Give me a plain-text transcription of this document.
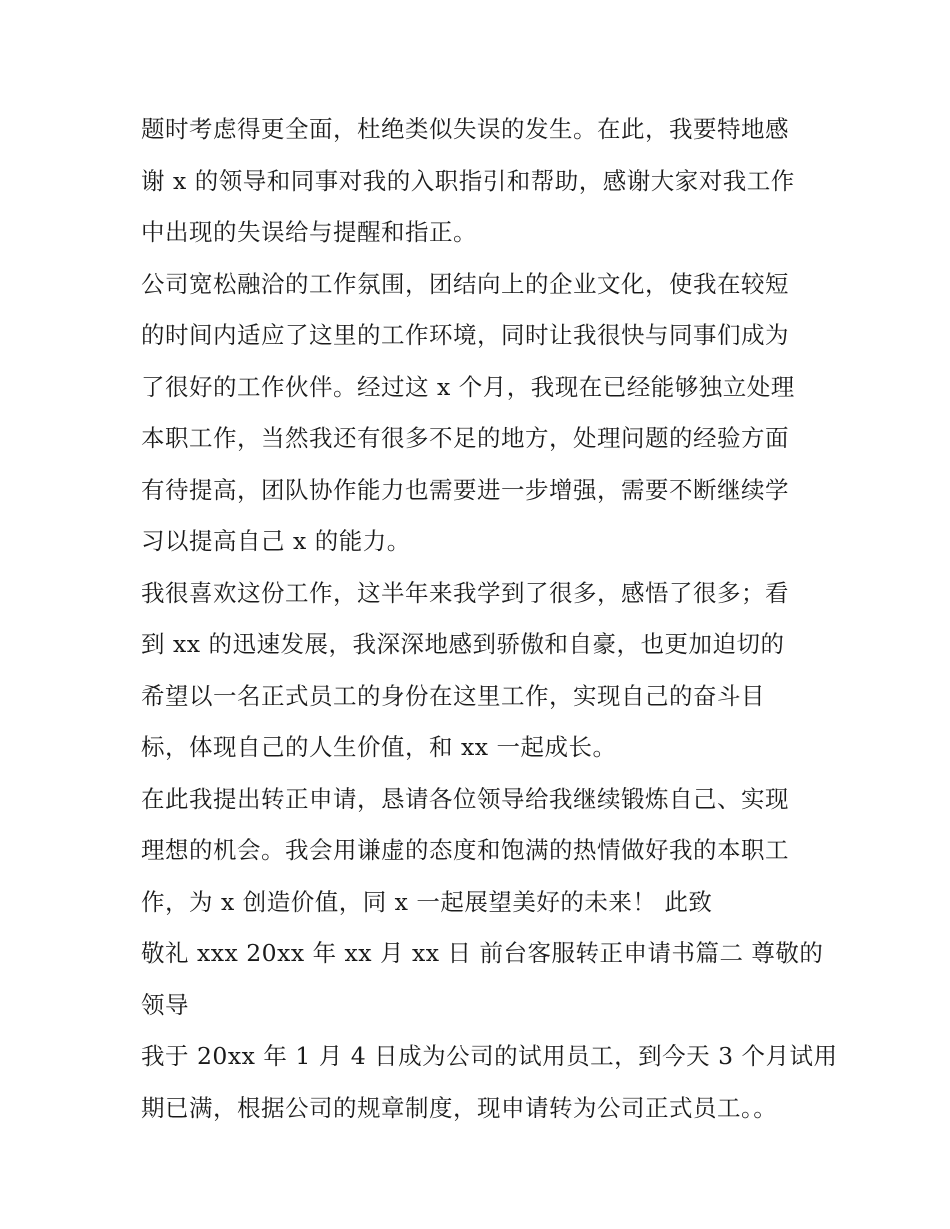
题时考虑得更全面，杜绝类似失误的发生。在此，我要特地感
谢 x 的领导和同事对我的入职指引和帮助，感谢大家对我工作
中出现的失误给与提醒和指正。
公司宽松融洽的工作氛围，团结向上的企业文化，使我在较短
的时间内适应了这里的工作环境，同时让我很快与同事们成为
了很好的工作伙伴。经过这 x 个月，我现在已经能够独立处理
本职工作，当然我还有很多不足的地方，处理问题的经验方面
有待提高，团队协作能力也需要进一步增强，需要不断继续学
习以提高自己 x 的能力。
我很喜欢这份工作，这半年来我学到了很多，感悟了很多；看
到 xx 的迅速发展，我深深地感到骄傲和自豪，也更加迫切的
希望以一名正式员工的身份在这里工作，实现自己的奋斗目
标，体现自己的人生价值，和 xx 一起成长。
在此我提出转正申请，恳请各位领导给我继续锻炼自己、实现
理想的机会。我会用谦虚的态度和饱满的热情做好我的本职工
作，为 x 创造价值，同 x 一起展望美好的未来！ 此致
敬礼 xxx 20xx 年 xx 月 xx 日 前台客服转正申请书篇二 尊敬的
领导
我于 20xx 年 1 月 4 日成为公司的试用员工，到今天 3 个月试用
期已满，根据公司的规章制度，现申请转为公司正式员工。。
